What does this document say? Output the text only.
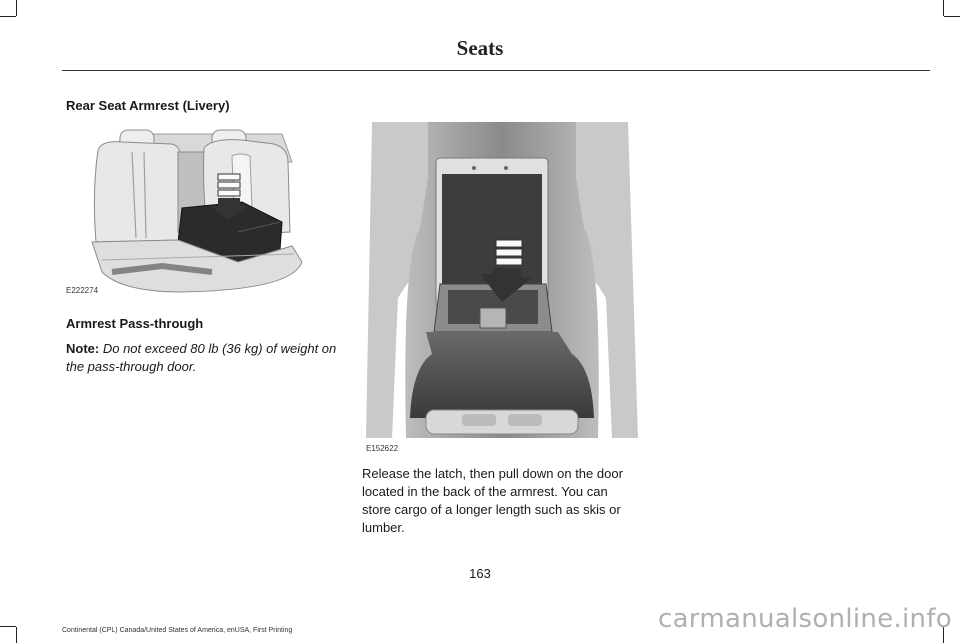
Seats
Rear Seat Armrest (Livery)
E222274
E152622
Armrest Pass-through
Note: Do not exceed 80 lb (36 kg) of weight on the pass-through door.
Release the latch, then pull down on the door located in the back of the armrest. You can store cargo of a longer length such as skis or lumber.
163
Continental (CPL) Canada/United States of America, enUSA, First Printing	carmanualsonline.info
